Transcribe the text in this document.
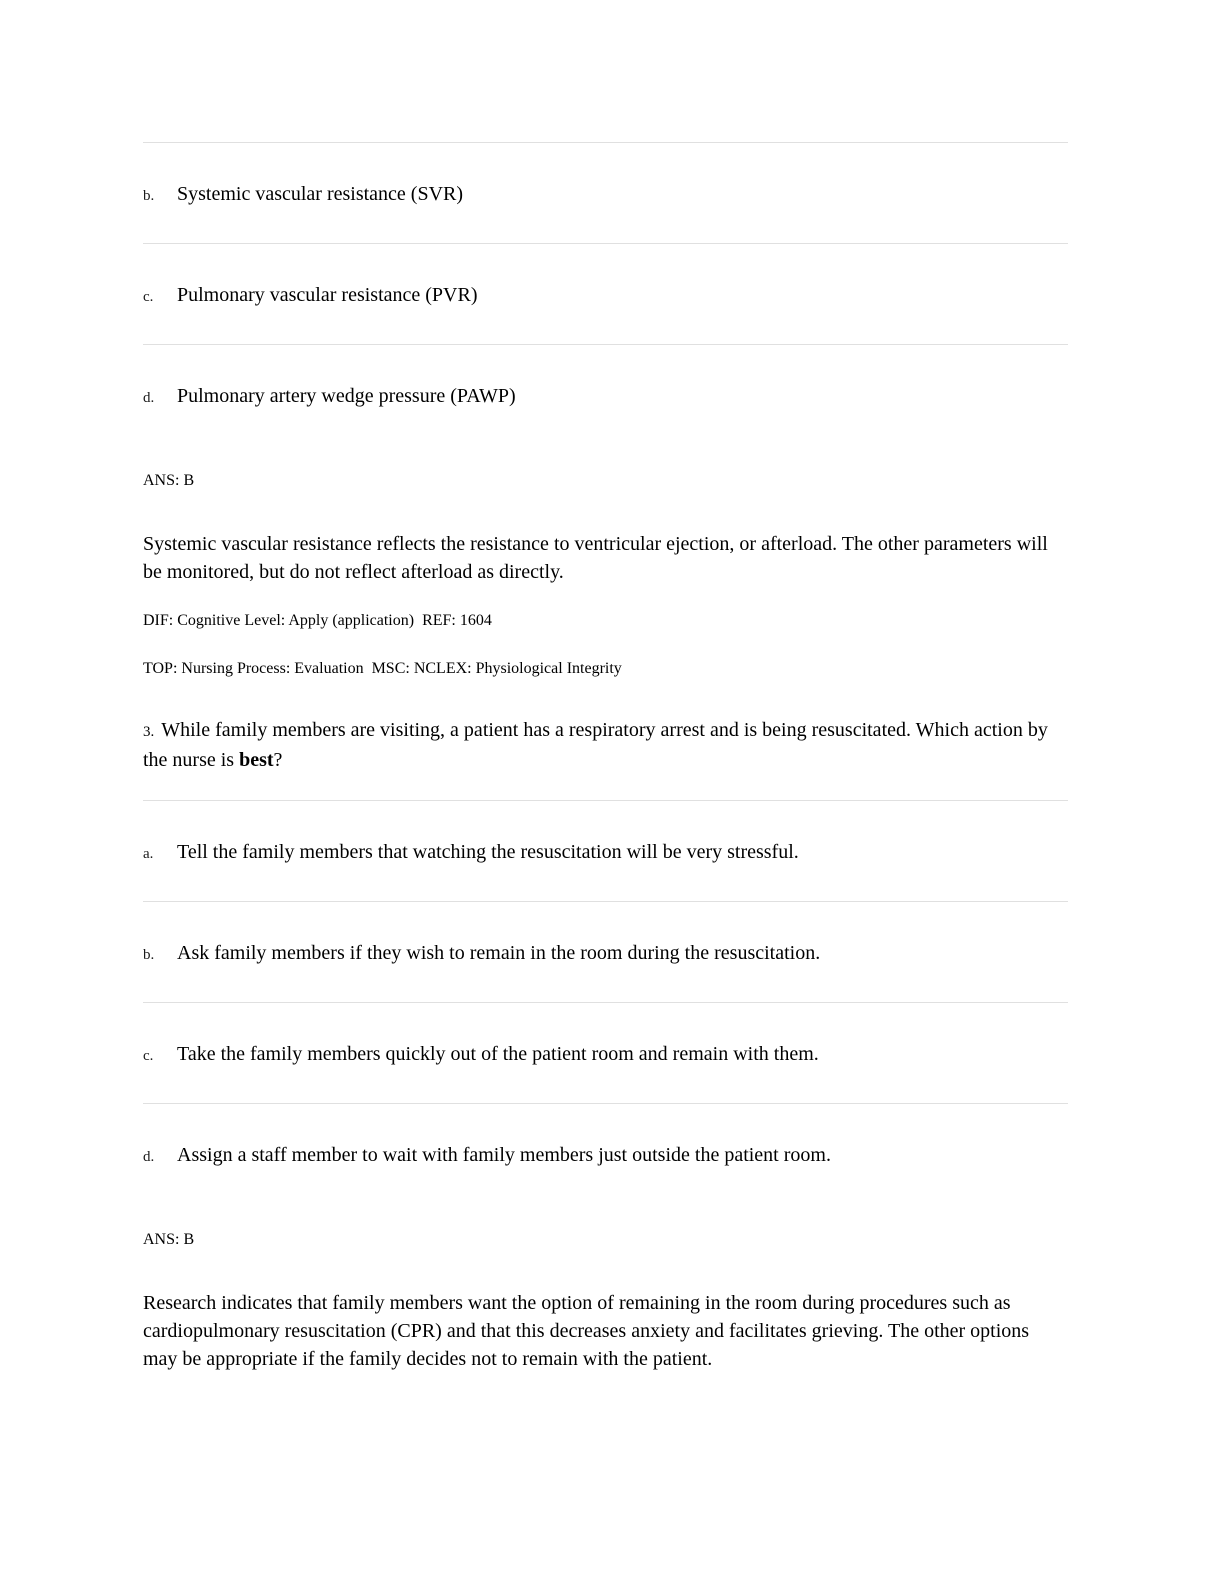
b.	Systemic vascular resistance (SVR)
c.	Pulmonary vascular resistance (PVR)
d.	Pulmonary artery wedge pressure (PAWP)

ANS: B

Systemic vascular resistance reflects the resistance to ventricular ejection, or afterload. The other parameters will be monitored, but do not reflect afterload as directly.

DIF: Cognitive Level: Apply (application)  REF: 1604

TOP: Nursing Process: Evaluation  MSC: NCLEX: Physiological Integrity

3. While family members are visiting, a patient has a respiratory arrest and is being resuscitated. Which action by the nurse is best?

a.	Tell the family members that watching the resuscitation will be very stressful.
b.	Ask family members if they wish to remain in the room during the resuscitation.
c.	Take the family members quickly out of the patient room and remain with them.
d.	Assign a staff member to wait with family members just outside the patient room.

ANS: B

Research indicates that family members want the option of remaining in the room during procedures such as cardiopulmonary resuscitation (CPR) and that this decreases anxiety and facilitates grieving. The other options may be appropriate if the family decides not to remain with the patient.
